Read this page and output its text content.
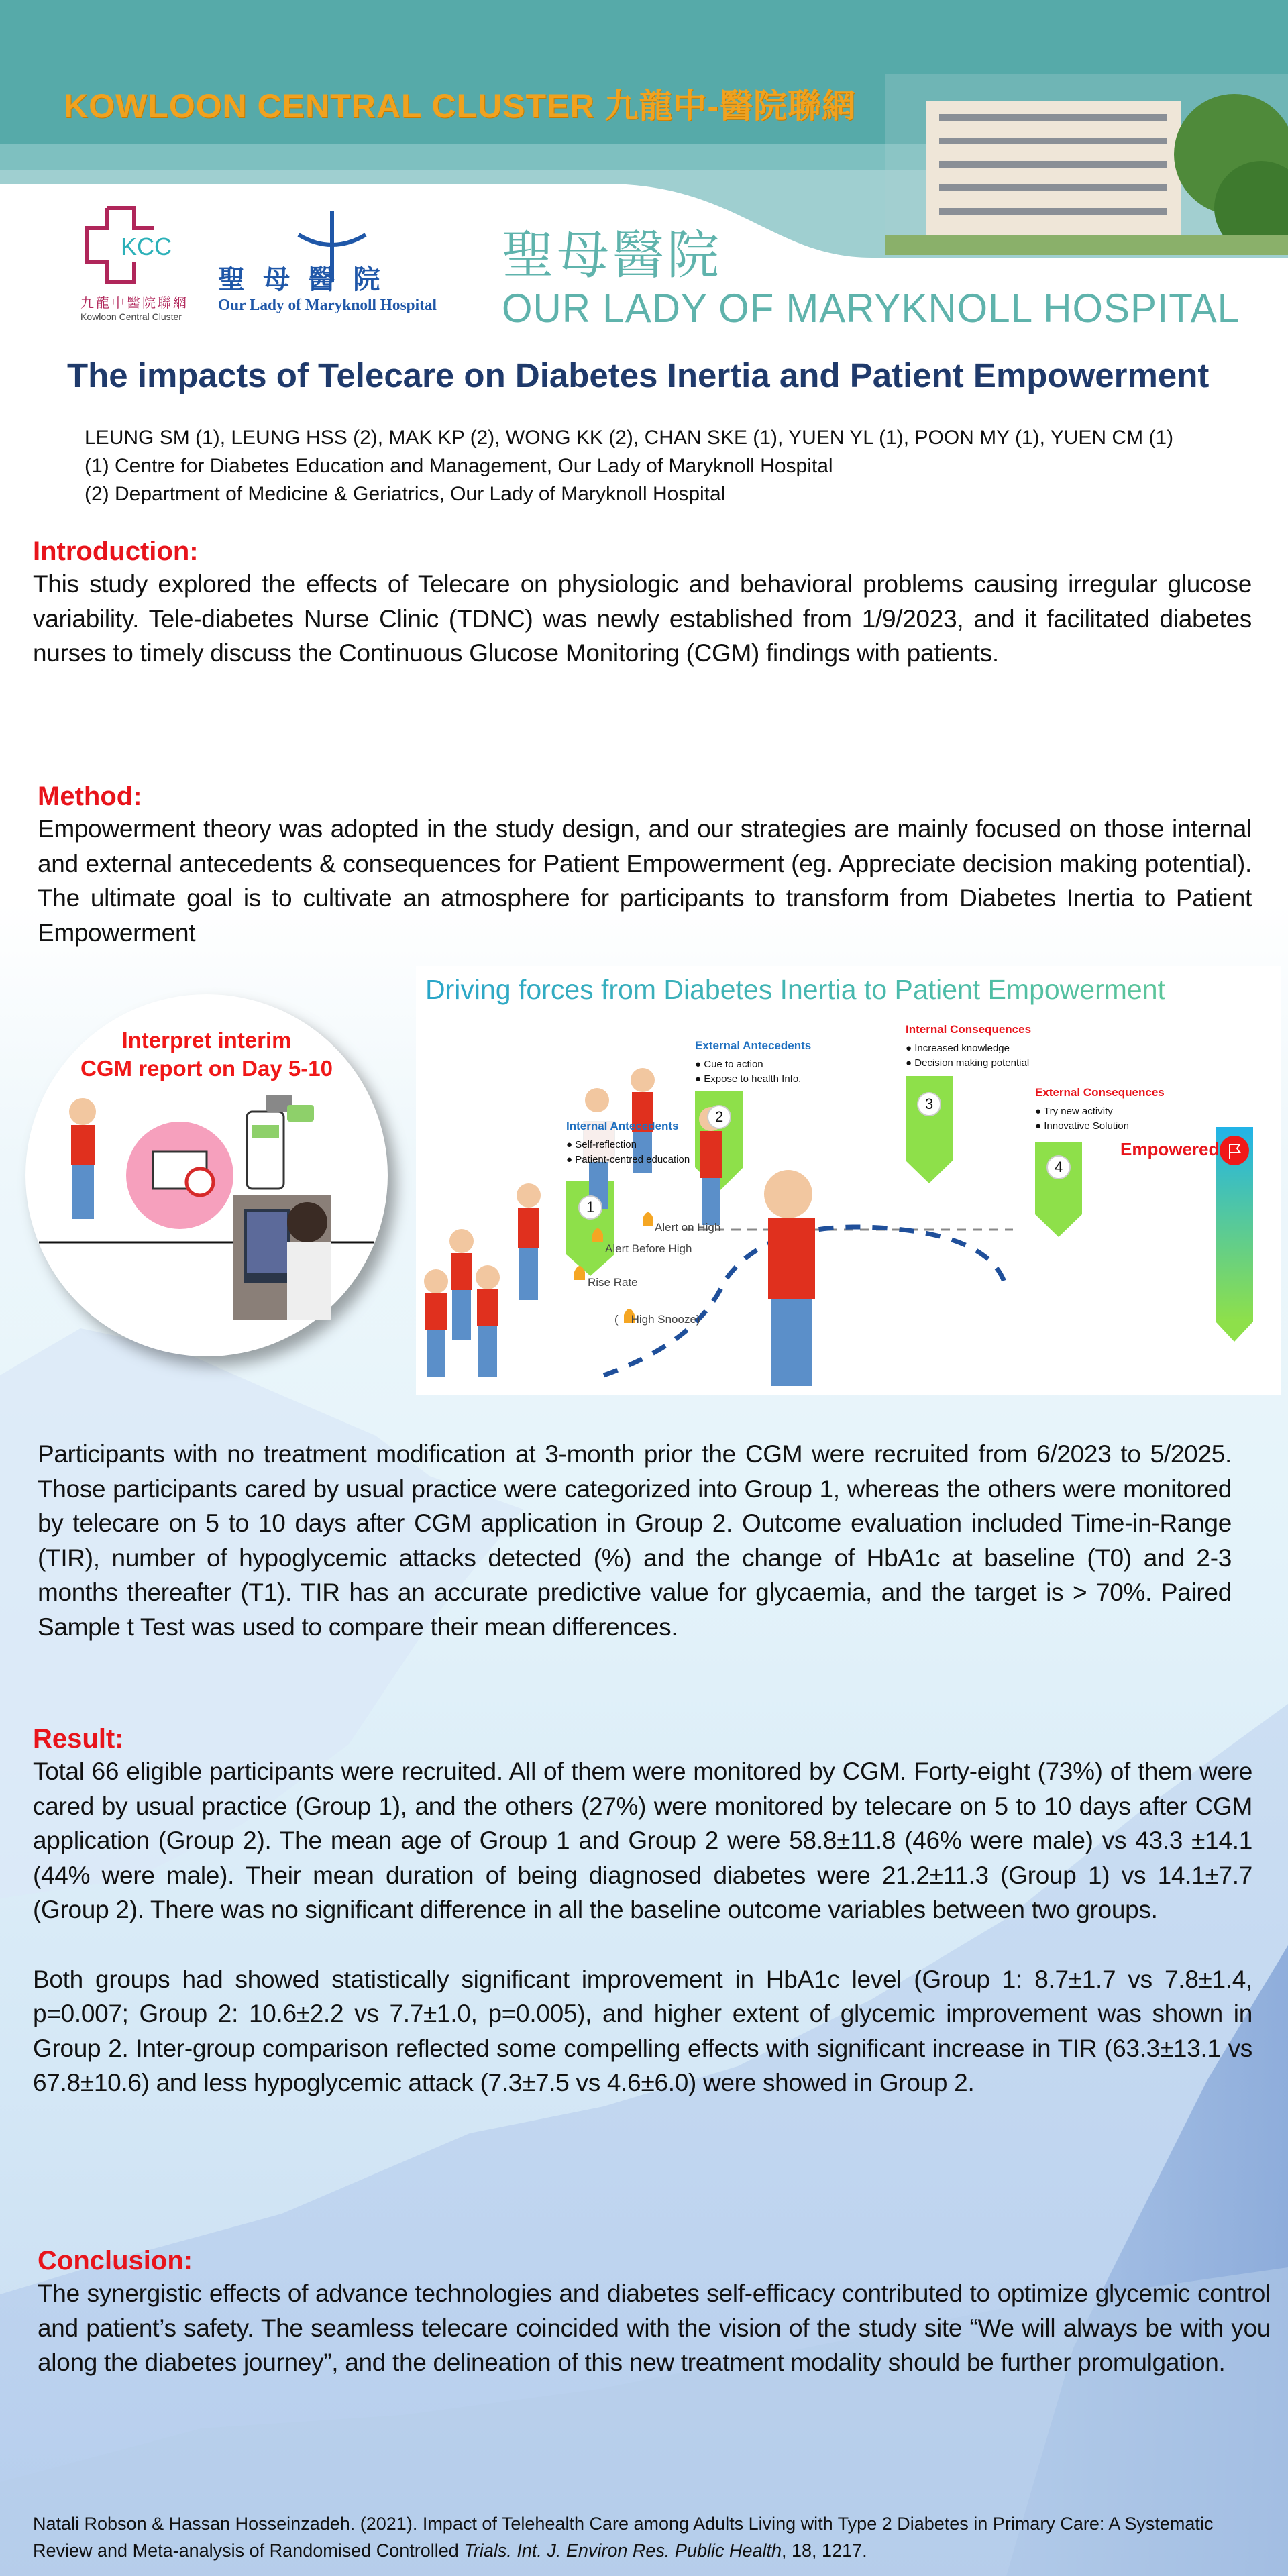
KOWLOON CENTRAL CLUSTER 九龍中-醫院聯網
KCC
九龍中醫院聯網
Kowloon Central Cluster
聖 母 醫 院
Our Lady of Maryknoll Hospital
聖母醫院
OUR LADY OF MARYKNOLL HOSPITAL
The impacts of Telecare on Diabetes Inertia and Patient Empowerment
LEUNG SM (1), LEUNG HSS (2), MAK KP (2), WONG KK (2), CHAN SKE (1), YUEN YL (1), POON MY (1), YUEN CM (1)
(1) Centre for Diabetes Education and Management, Our Lady of Maryknoll Hospital
(2) Department of Medicine & Geriatrics, Our Lady of Maryknoll Hospital
Introduction:
This study explored the effects of Telecare on physiologic and behavioral problems causing irregular glucose variability. Tele-diabetes Nurse Clinic (TDNC) was newly established from 1/9/2023, and it facilitated diabetes nurses to timely discuss the Continuous Glucose Monitoring (CGM) findings with patients.
Method:
Empowerment theory was adopted in the study design, and our strategies are mainly focused on those internal and external antecedents & consequences for Patient Empowerment (eg. Appreciate decision making potential). The ultimate goal is to cultivate an atmosphere for participants to transform from Diabetes Inertia to Patient Empowerment
Driving forces from Diabetes Inertia to Patient Empowerment
1
2
3
4
Internal Antecedents
● Self-reflection
● Patient-centred education
External Antecedents
● Cue to action
● Expose to health Info.
Internal Consequences
● Increased knowledge
● Decision making potential
External Consequences
● Try new activity
● Innovative Solution
Empowered
Alert on High
Alert Before High
Rise Rate
(    High Snooze)
Interpret interim
CGM report on Day 5-10
Participants with no treatment modification at 3-month prior the CGM were recruited from 6/2023 to 5/2025. Those participants cared by usual practice were categorized into Group 1, whereas the others were monitored by telecare on 5 to 10 days after CGM application in Group 2. Outcome evaluation included Time-in-Range (TIR), number of hypoglycemic attacks detected (%) and the change of HbA1c at baseline (T0) and 2-3 months thereafter (T1). TIR has an accurate predictive value for glycaemia, and the target is > 70%. Paired Sample t Test was used to compare their mean differences.
Result:
Total 66 eligible participants were recruited. All of them were monitored by CGM. Forty-eight (73%) of them were cared by usual practice (Group 1), and the others (27%) were monitored by telecare on 5 to 10 days after CGM application (Group 2). The mean age of Group 1 and Group 2 were 58.8±11.8 (46% were male) vs 43.3 ±14.1 (44% were male). Their mean duration of being diagnosed diabetes were 21.2±11.3 (Group 1) vs 14.1±7.7 (Group 2). There was no significant difference in all the baseline outcome variables between two groups.
Both groups had showed statistically significant improvement in HbA1c level (Group 1: 8.7±1.7 vs 7.8±1.4, p=0.007; Group 2: 10.6±2.2 vs 7.7±1.0, p=0.005), and higher extent of glycemic improvement was shown in Group 2. Inter-group comparison reflected some compelling effects with significant increase in TIR (63.3±13.1 vs 67.8±10.6) and less hypoglycemic attack (7.3±7.5 vs 4.6±6.0) were showed in Group 2.
Conclusion:
The synergistic effects of advance technologies and diabetes self-efficacy contributed to optimize glycemic control and patient’s safety. The seamless telecare coincided with the vision of the study site “We will always be with you along the diabetes journey”, and the delineation of this new treatment modality should be further promulgation.
Natali Robson & Hassan Hosseinzadeh. (2021). Impact of Telehealth Care among Adults Living with Type 2 Diabetes in Primary Care: A Systematic Review and Meta-analysis of Randomised Controlled Trials. Int. J. Environ Res. Public Health, 18, 1217.
